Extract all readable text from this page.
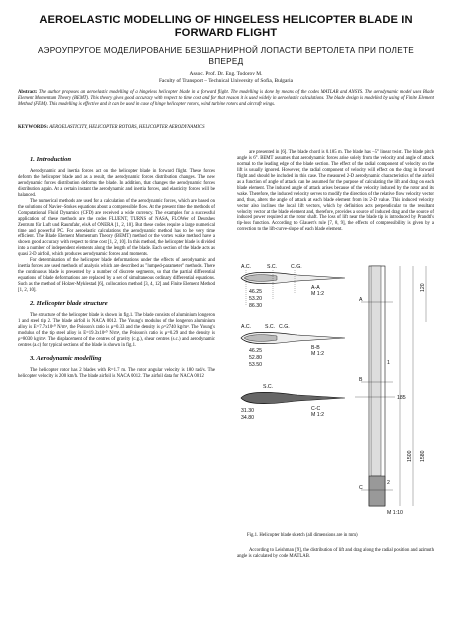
AEROELASTIC MODELLING OF HINGELESS HELICOPTER BLADE IN FORWARD FLIGHT
АЭРОУПРУГОЕ МОДЕЛИРОВАНИЕ БЕЗШАРНИРНОЙ ЛОПАСТИ ВЕРТОЛЕТА ПРИ ПОЛЕТЕ ВПЕРЕД
Assoc. Prof. Dr. Eng. Todorov M.
Faculty of Transport – Technical University of Sofia, Bulgaria
Abstract: The author proposes an aeroelastic modelling of a hingeless helicopter blade in a forward flight. The modelling is done by means of the codes MATLAB and ANSYS. The aerodynamic model uses Blade Element Momentum Theory (BEMT). This theory gives good accuracy with respect to time cost and for that reason it is used widely in aeroelastic calculations. The blade design is modelled by using of Finite Element Method (FEM). This modelling is effective and it can be used in case of hinge helicopter rotors, wind turbine rotors and aircraft wings.
KEYWORDS: AEROELASTICITY, HELICOPTER ROTORS, HELICOPTER AERODYNAMICS
1. Introduction

Aerodynamic and inertia forces act on the helicopter blade in forward flight. These forces deform the helicopter blade and as a result, the aerodynamic forces distribution changes. The new aerodynamic forces distribution deforms the blade. In addition, that changes the aerodynamic forces distribution again. At a certain instant the aerodynamic and inertia forces, and elasticity forces will be balanced.

The numerical methods are used for a calculation of the aerodynamic forces, which are based on the solutions of Navier–Stokes equations about a compressible flow. At the present time the methods of Computational Fluid Dynamics (CFD) are received a wide currency. The examples for a successful application of these methods are the codes FLUENT, TURNS of NASA, FLOWer of Deutshes Zentrum für Luft und Raumfahr, elsA of ONERA [1, 2, 10]. But these codes require a large numerical time and powerful PC. For aeroelastic calculations the aerodynamic method has to be very time efficient. The Blade Element Momentum Theory (BEMT) method or the vortex wake method have a shown good accuracy with respect to time cost [1, 2, 10]. In this method, the helicopter blade is divided into a number of independent elements along the length of the blade. Each section of the blade acts as quasi 2-D airfoil, which produces aerodynamic forces and moments.

For determination of the helicopter blade deformations under the effects of aerodynamic and inertia forces are used methods of analysis which are described as "lumped-parameter" methods. There the continuous blade is presented by a number of discrete segments, so that the partial differential equations of blade deformations are replaced by a set of simultaneous ordinary differential equations. Such as the method of Holzer-Myklestad [6], collocation method [3, 4, 12] and Finite Element Method [1, 2, 10].

2. Helicopter blade structure

The structure of the helicopter blade is shown in fig.1. The blade consists of aluminium longeron 1 and steel tip 2. The blade airfoil is NACA 0012. The Young's modulus of the longeron aluminium alloy is E=7.7x10¹⁰ N/m², the Poisson's ratio is μ=0.33 and the density is ρ=2740 kg/m³. The Young's modulus of the tip steel alloy is E=19.3x10¹⁰ N/m², the Poisson's ratio is μ=0.29 and the density is ρ=8030 kg/m³. The displacement of the centres of gravity (c.g.), shear centres (s.c.) and aerodynamic centres (a.c) for typical sections of the blade is shown in fig.1.

3. Aerodynamic modelling

The helicopter rotor has 2 blades with R=1.7 m. The rotor angular velocity is 180 rad/s. The helicopter velocity is 200 km/h. The blade airfoil is NACA 0012. The airfoil data for NACA 0012

are presented in [6]. The blade chord is 0.185 m. The blade has –5° linear twist. The blade pitch angle is 6°. BEMT assumes that aerodynamic forces arise solely from the velocity and angle of attack normal to the leading edge of the blade section. The effect of the radial component of velocity on the lift is usually ignored. However, the radial component of velocity will effect on the drag in forward flight and should be included in this case. The measured 2-D aerodynamic characteristics of the airfoil as a function of angle of attack can be assumed for the purpose of calculating the lift and drag on each blade element. The induced angle of attack arises because of the velocity induced by the rotor and its wake. Therefore, the induced velocity serves to modify the direction of the relative flow velocity vector and, thus, alters the angle of attack at each blade element from its 2-D value. This induced velocity vector also inclines the local lift vectors, which by definition acts perpendicular to the resultant velocity vector at the blade element and, therefore, provides a source of induced drag and the source of induced power required at the rotor shaft. The loss of lift near the blade tip is introduced by Prandtl's tip-loss function. According to Glauert's rule [7, 8, 9], the effects of compressibility is given by a correction to the lift-curve-slope of each blade element.

A.C.	S.C.	C.G.
46.25
53.20
86.30
A-A
M 1:2
A.C.	S.C. C.G.
46.25
52.80
53.50
B-B
M 1:2
S.C.
31.30
34.80
C-C
M 1:2
A
B
C
1
2
185
120
1500 1580
M 1:10
Fig.1. Helicopter blade sketch (all dimensions are in mm)

According to Leishman [9], the distribution of lift and drag along the radial position and azimuth angle is calculated by code MATLAB.
